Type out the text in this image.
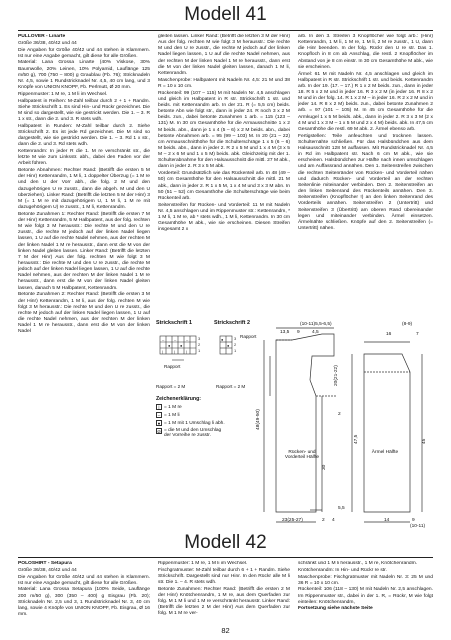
Modell 41

PULLOVER - Linarte

Größe 36/38, 40/42 und 44

Die Angaben für Größe 40/42 und 44 stehen in Klammern. Ist nur eine Angabe gemacht, gilt diese für alle Größen.

Material: Lana Grossa Linarte (40% Viskose, 30% Baumwolle, 20% Leinen, 10% Polyamid, Lauflänge 125 m/50 g), 700 (750 – 800) g Graublau (Fb. 76); Stricknadeln Nr. 4,5, sowie 1 Rundstricknadel Nr. 4,5, 40 cm lang, und 3 Knöpfe von UNION KNOPF, Fb. Perlmutt, Ø 20 mm.

Rippenmuster: 1 M re, 1 M li im Wechsel.

Halbpatent in Reihen: M-Zahl teilbar durch 2 + 1 + Randm. Siehe Strickschrift 1. Es sind Hin- und Rückr gezeichnet. Die M sind so dargestellt, wie sie gestrickt werden. Die 1. – 3. R 1 x str., dann die 2. und 3. R stets wdh.

Halbpatent in Runden: M-Zahl teilbar durch 2. Siehe Strickschrift 2. Es ist jede Rd gezeichnet. Die M sind so dargestellt, wie sie gestrickt werden. Die 1. – 3. Rd 1 x str., dann die 2. und 3. Rd stets wdh.

Kettenrandm: In jeder R die 1. M re verschränkt str., die letzte M wie zum Linksstr. abh., dabei den Faden vor der Arbeit führen.

Betonte Abnahmen: Rechter Rand: (Betrifft die ersten 5 M der Hinr) Kettenrandm, 1 M li, 1 doppelter Überzug (= 1 M re und den U der Vorr abh., die folg. 2 M und den dazugehörigen U re zusstr., dann die abgeh. M und den U überziehen). Linker Rand: (Betrifft die letzten 5 M der Hinr) 3 M (= 1 M re mit dazugehörigem U, 1 M li, 1 M re mit dazugehörigem U) re zusstr., 1 M li, Kettenrandm.

Betonte Zunahmen 1: Rechter Rand: (Betrifft die ersten 7 M der Hinr) Kettenrandm, 5 M Halbpatent, aus der folg. rechten M wie folgt 3 M herausstr.: Die rechte M und den U re zusstr., die rechte M jedoch auf der linken Nadel liegen lassen, 1 U auf die rechte Nadel nehmen, aus der rechten M der linken Nadel 1 M re herausstr., dann erst die M von der linken Nadel gleiten lassen. Linker Rand: (Betrifft die letzten 7 M der Hinr) Aus der folg. rechten M wie folgt 3 M herausstr.: Die rechte M und den U re zusstr., die rechte M jedoch auf der linken Nadel liegen lassen, 1 U auf die rechte Nadel nehmen, aus der rechten M der linken Nadel 1 M re herausstr., dann erst die M von der linken Nadel gleiten lassen, danach 5 M Halbpatent, Kettenrandm.

Betonte Zunahmen 2: Rechter Rand: (Betrifft die ersten 3 M der Hinr) Kettenrandm, 1 M li, aus der folg. rechten M wie folgt 3 M herausstr.: Die rechte M und den U re zusstr., die rechte M jedoch auf der linken Nadel liegen lassen, 1 U auf die rechte Nadel nehmen, aus der rechten M der linken Nadel 1 M re herausstr., dann erst die M von der linken Nadel

gleiten lassen. Linker Rand: (Betrifft die letzten 3 M der Hinr) Aus der folg. rechten M wie folgt 3 M herausstr.: Die rechte M und den U re zusstr., die rechte M jedoch auf der linken Nadel liegen lassen, 1 U auf die rechte Nadel nehmen, aus der rechten M der linken Nadel 1 M re herausstr., dann erst die M von der linken Nadel gleiten lassen, danach 1 M li, Kettenrandm.

Maschenprobe: Halbpatent mit Nadeln Nr. 4,5: 21 M und 38 R = 10 x 10 cm.

Rückenteil: 99 (107 – 115) M mit Nadeln Nr. 4,5 anschlagen und gleich im Halbpatent in R str. Strickschrift 1 str. und beids. mit Kettenrandm arb. In der 21. R (= 5,5 cm) beids. betonte Abn wie folgt str., dann in jeder 24. R noch 3 x 2 M beids. zun., dabei betonte Zunahmen 1 arb. = 115 (123 – 131) M. In 30 cm Gesamthöhe für die Armausschnitte 1 x 2 M beids. abn., dann je 1 x 4 (5 – 6) x 2 M beids. abn., dabei betonte Abnahmen arb. = 95 (99 – 103) M. In 20 (21 – 22) cm Armausschnitthöhe für die Schulterschräge 1 x 5 (6 – 6) M beids. abn., dann in jeder 2. R 2 x 5 M und 1 x 4 M (3 x 5 M – 2 x 6 M und 1 x 5 M) beids. abk. Gleichzeitig mit der 1. Schulterabnahme für den Halsausschnitt die mittl. 27 M abk., dann in jeder 2. R 3 x 5 M abk.

Vorderteil: Grundsätzlich wie das Rückenteil arb. In 48 (49 – 50) cm Gesamthöhe für den Halsausschnitt die mittl. 21 M abk., dann in jeder 2. R 1 x 5 M, 1 x 4 M und 3 x 3 M abn. In 50 (51 – 52) cm Gesamthöhe die Schulterschräge wie beim Rückenteil arb.

Seitenstreifen für Rücken- und Vorderteil: 11 M mit Nadeln Nr. 4,5 anschlagen und im Rippenmuster str.: Kettenrandm, * 1 M li, 1 M re, ab * stets wdh., 1 M li, Kettenrandm. In 30 cm Gesamthöhe M abk., wie sie erscheinen. Diesen Streifen insgesamt 2 x

arb. In den 3. Streifen 3 Knopflöcher wie folgt arb.: (Hinr) Kettenrandm, 1 M li, 1 M re, 1 M li, 2 M re zusstr., 1 U, dann die Hinr beenden. In der folg. Rückr den U re str. Das 1. Knopfloch in 8 cm ab Anschlag, die restl. 2 Knopflöcher im Abstand von je 8 cm einstr. In 30 cm Gesamthöhe M abk., wie sie erscheinen.

Ärmel: 61 M mit Nadeln Nr. 4,5 anschlagen und gleich im Halbpatent in R str. Strickschrift 1 str. und beids. Kettenrandm arb. In der 19. (17. – 17.) R 1 x 2 M beids. zun., dann in jeder 18. R 5 x 2 M und in jeder 16. R 3 x 2 M (in jeder 16. R 8 x 2 M und in der folg. 14. R 1 x 2 M – in jeder 16. R 2 x 2 M und in jeder 14. R 8 x 2 M) beids. zun., dabei betonte Zunahmen 2 arb. = 97 (101 – 105) M. In 45 cm Gesamthöhe für die Armkugel 1 x 5 M beids. abk., dann in jeder 2. R 3 x 3 M (2 x 4 M und 1 x 3 M – 1 x 5 M und 2 x 4 M) beids. abk. In 47,5 cm Gesamthöhe die restl. 69 M abk. 2. Ärmel ebenso arb.

Fertigstellen: Teile anfeuchten und trocknen lassen. Schulternähte schließen. Für das Halsbündchen aus dem Halsausschnitt 128 M auffassen. Mit Rundstricknadel Nr. 4,5 in Rd im Halbpatent str. Nach 6 cm M abk., wie sie erscheinen. Halsbündchen zur Hälfte nach innen umschlagen und am Auffassrand annähen. Den 1. Seitenstreifen zwischen die rechten Seitenränder von Rücken- und Vorderteil nähen und dadurch Rücken- und Vorderteil an der rechten Seitenlinie miteinander verbinden. Den 2. Seitenstreifen an den linken Seitenrand des Rückenteils annähen. Den 3. Seitenstreifen (Knopflöcher !) an den linken Seitenrand des Vorderteils annähen. Seitenstreifen 2 (Untertritt) und Seitenstreifen 3 (Übertritt) am oberen Rand übereinander legen und miteinander verbinden. Ärmel einsetzen. Ärmelnähte schließen. Knöpfe auf den 2. Seitenstreifen (= Untertritt) nähen.

Strickschrift 1	Strickschrift 2
– – –
● ●
|	|	|
3
2
1
Rapport
●
●
3
2
1
Rapport
Rapport = 2 M	Rapport = 2 M
Zeichenerklärung:
| = 1 M re
– = 1 M li
● = 1 M mit 1 Umschlag li abh.
⊘ = die M und den Umschlag der Vorreihe re zusstr.
13,5 9	4,5
(10-11)5,5-6,5)	(8-9)
16	7
48(49-50)
20(21-22)
2
30
47,5	45
5,5
Rücken- und Vorderteil Hälfte
Ärmel Hälfte
23(25-27)	2 4	14	9
(10-11)
Modell 42

POLOSHIRT - Setapura

Größe 36/38, 40/42 und 44

Die Angaben für Größe 40/42 und 44 stehen in Klammern. Ist nur eine Angabe gemacht, gilt diese für alle Größen.

Material: Lana Grossa Setapura (100% Seide, Lauflänge 200 m/50 g), 300 (350 – 400) g Eisgrau (Fb. 20); Stricknadeln Nr. 2,5 und 3, 1 Rundstricknadel Nr. 3, 40 cm lang, sowie 4 Knöpfe von UNION KNOPF, Fb. Eisgrau, Ø 16 mm.

Rippenmuster: 1 M re, 1 M li im Wechsel.

Fischgratmuster: M-Zahl teilbar durch 6 + 1 + Randm. Siehe Strickschrift. Dargestellt sind nur Hinr. In den Rückr alle M li str. Die 1. – 4. R stets wdh.

Betonte Zunahmen: Rechter Rand: (Betrifft die ersten 2 M der Hinr) Knötchenrandm, 1 M re, aus dem Querfaden zur folg. M 1 M li und 1 M re verschränkt herausstr. Linker Rand: (Betrifft die letzten 2 M der Hinr) Aus dem Querfaden zur folg. M 1 M re ver-

schränkt und 1 M li herausstr., 1 M re, Knötchenrandm.

Knötchenrandm: In Hin- und Rückr re str.

Maschenprobe: Fischgratmuster mit Nadeln Nr. 3: 25 M und 36 R = 10 x 10 cm.

Rückenteil: 106 (118 – 130) M mit Nadeln Nr. 2,5 anschlagen. Im Rippenmuster str., dabei in der 1. R, = Rückr, M wie folgt einteilen: Knötchenrandm,

Fortsetzung siehe nächste Seite

82
